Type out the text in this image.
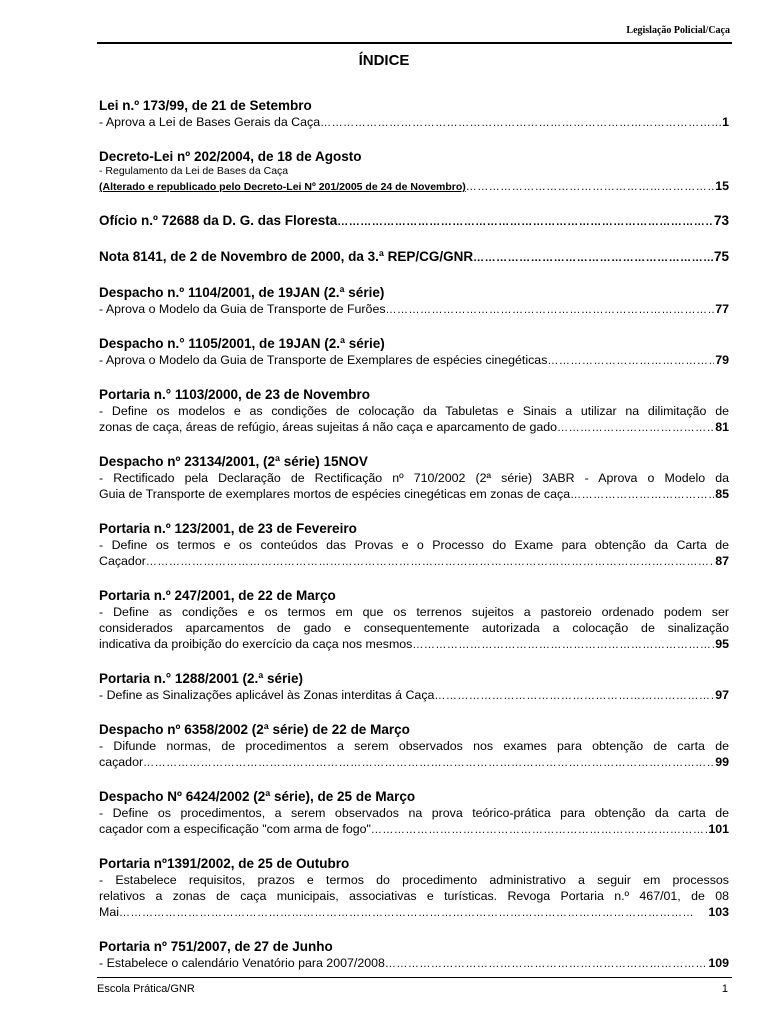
Legislação Policial/Caça
ÍNDICE
Lei n.º 173/99, de 21 de Setembro
- Aprova a Lei de Bases Gerais da Caça ……………………………………………………………………………………………………………………………………	1
Decreto-Lei nº 202/2004, de 18 de Agosto
- Regulamento da Lei de Bases da Caça
(Alterado e republicado pelo Decreto-Lei Nº 201/2005 de 24 de Novembro) ……………………………………………………………………………………………………………………………………	15
Ofício n.º 72688 da D. G. das Floresta ……………………………………………………………………………………………………………………………………	73
Nota 8141, de 2 de Novembro de 2000, da 3.ª REP/CG/GNR ……………………………………………………………………………………………………………………………………	75
Despacho n.º 1104/2001, de 19JAN (2.ª série)
- Aprova o Modelo da Guia de Transporte de Furões ……………………………………………………………………………………………………………………………………	77
Despacho n.° 1105/2001, de 19JAN (2.ª série)
- Aprova o Modelo da Guia de Transporte de Exemplares de espécies cinegéticas ……………………………………………………………………………………………………………………………………	79
Portaria n.° 1103/2000, de 23 de Novembro
- Define os modelos e as condições de colocação da Tabuletas e Sinais a utilizar na dilimitação de
zonas de caça, áreas de refúgio, áreas sujeitas á não caça e aparcamento de gado ……………………………………………………………………………………………………………………………………	81
Despacho nº 23134/2001, (2ª série) 15NOV
- Rectificado pela Declaração de Rectificação nº 710/2002 (2ª série) 3ABR - Aprova o Modelo da
Guia de Transporte de exemplares mortos de espécies cinegéticas em zonas de caça ……………………………………………………………………………………………………………………………………	85
Portaria n.º 123/2001, de 23 de Fevereiro
- Define os termos e os conteúdos das Provas e o Processo do Exame para obtenção da Carta de
Caçador ……………………………………………………………………………………………………………………………………	87
Portaria n.º 247/2001, de 22 de Março
- Define as condições e os termos em que os terrenos sujeitos a pastoreio ordenado podem ser
considerados aparcamentos de gado e consequentemente autorizada a colocação de sinalização
indicativa da proibição do exercício da caça nos mesmos ……………………………………………………………………………………………………………………………………	95
Portaria n.° 1288/2001 (2.ª série)
- Define as Sinalizações aplicável às Zonas interditas á Caça ……………………………………………………………………………………………………………………………………	97
Despacho nº 6358/2002 (2ª série) de 22 de Março
- Difunde normas, de procedimentos a serem observados nos exames para obtenção de carta de
caçador ……………………………………………………………………………………………………………………………………	99
Despacho Nº 6424/2002 (2ª série), de 25 de Março
- Define os procedimentos, a serem observados na prova teórico-prática para obtenção da carta de
caçador com a especificação "com arma de fogo" ……………………………………………………………………………………………………………………………………	101
Portaria nº1391/2002, de 25 de Outubro
- Estabelece requisitos, prazos e termos do procedimento administrativo a seguir em processos
relativos a zonas de caça municipais, associativas e turísticas. Revoga Portaria n.º 467/01, de 08
Mai ……………………………………………………………………………………………………………………………………	103
Portaria nº 751/2007, de 27 de Junho
- Estabelece o calendário Venatório para 2007/2008 ……………………………………………………………………………………………………………………………………	109
Escola Prática/GNR	1
